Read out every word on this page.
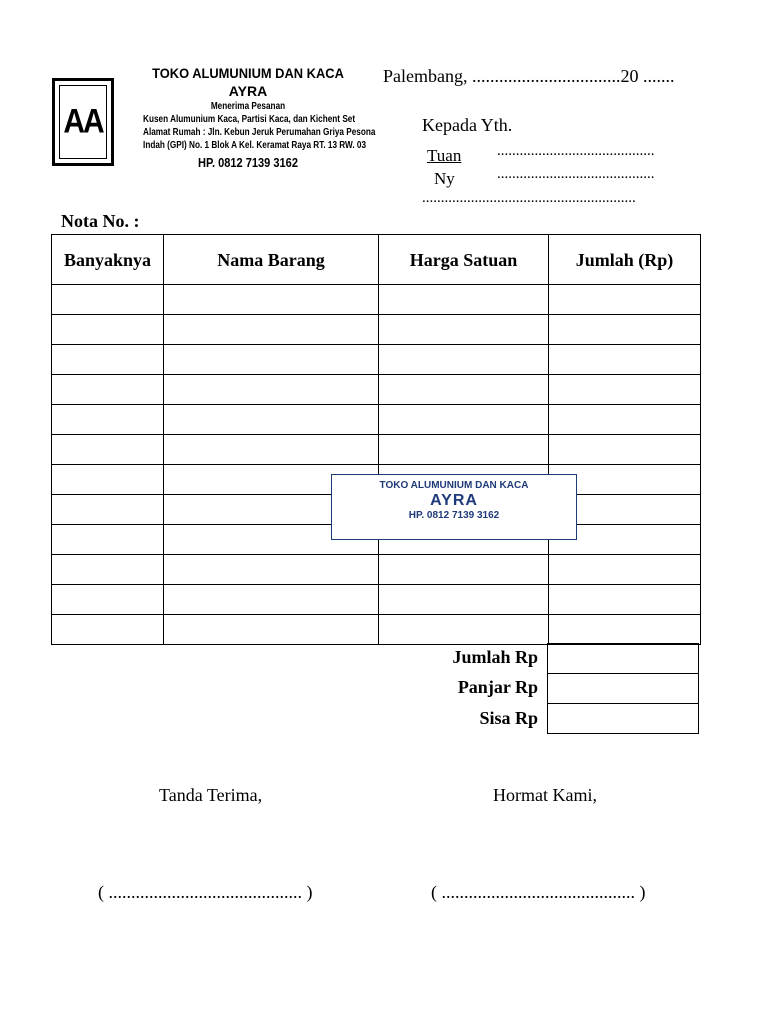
AA
TOKO ALUMUNIUM DAN KACA
AYRA
Menerima Pesanan
Kusen Alumunium Kaca, Partisi Kaca, dan Kichent Set
Alamat Rumah : Jln. Kebun Jeruk Perumahan Griya Pesona
Indah (GPI) No. 1 Blok A Kel. Keramat Raya RT. 13 RW. 03
HP. 0812 7139 3162
Palembang, .................................20 .......
Kepada Yth.
Tuan
Ny
..........................................
..........................................
.........................................................
Nota No. :
Banyaknya	Nama Barang	Harga Satuan	Jumlah (Rp)

Jumlah Rp
Panjar Rp
Sisa Rp
TOKO ALUMUNIUM DAN KACA
AYRA
HP. 0812 7139 3162
Tanda Terima,	Hormat Kami,
( ........................................... )	( ........................................... )
